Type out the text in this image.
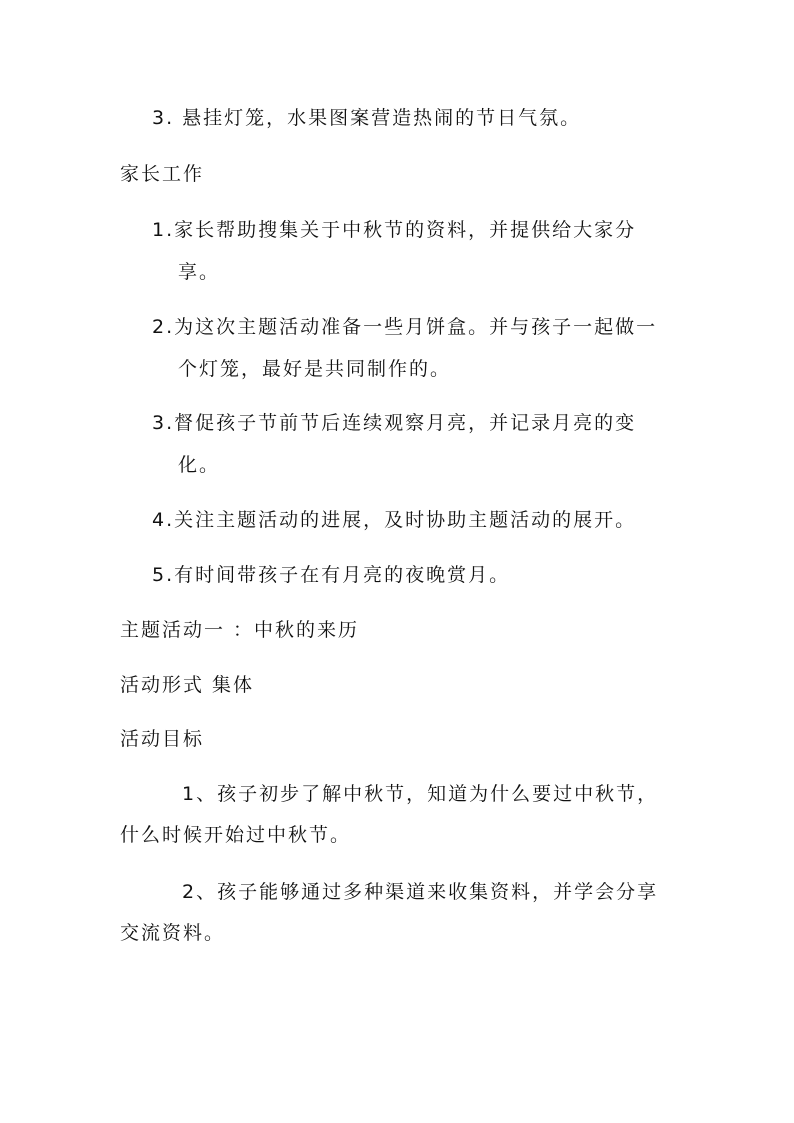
3. 悬挂灯笼，水果图案营造热闹的节日气氛。
家长工作
1.家长帮助搜集关于中秋节的资料，并提供给大家分
享。
2.为这次主题活动准备一些月饼盒。并与孩子一起做一
个灯笼，最好是共同制作的。
3.督促孩子节前节后连续观察月亮，并记录月亮的变
化。
4.关注主题活动的进展，及时协助主题活动的展开。
5.有时间带孩子在有月亮的夜晚赏月。
主题活动一 ：中秋的来历
活动形式 集体
活动目标
1、孩子初步了解中秋节，知道为什么要过中秋节，
什么时候开始过中秋节。
2、孩子能够通过多种渠道来收集资料，并学会分享
交流资料。
